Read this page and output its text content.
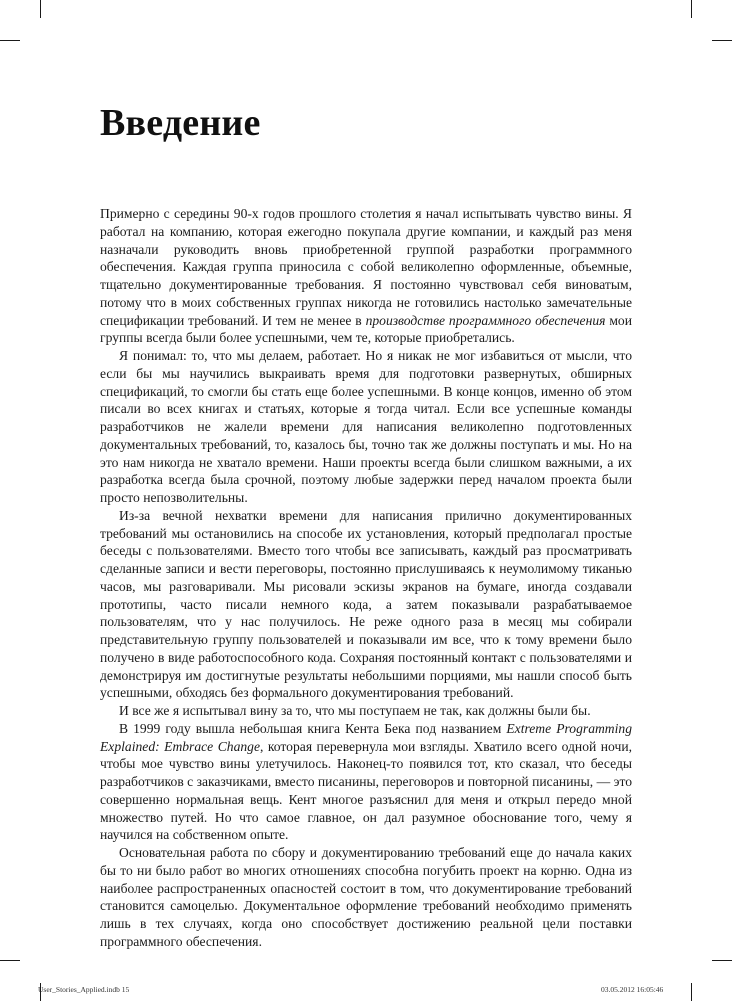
Введение

Примерно с середины 90-х годов прошлого столетия я начал испытывать чувство вины. Я работал на компанию, которая ежегодно покупала другие компании, и каждый раз меня назначали руководить вновь приобретенной группой разработки программного обеспечения. Каждая группа приносила с собой великолепно оформленные, объемные, тщательно документированные требования. Я постоянно чувствовал себя виноватым, потому что в моих собственных группах никогда не готовились настолько замечательные спецификации требований. И тем не менее в производстве программного обеспечения мои группы всегда были более успешными, чем те, которые приобретались.

Я понимал: то, что мы делаем, работает. Но я никак не мог избавиться от мысли, что если бы мы научились выкраивать время для подготовки развернутых, обширных спецификаций, то смогли бы стать еще более успешными. В конце концов, именно об этом писали во всех книгах и статьях, которые я тогда читал. Если все успешные команды разработчиков не жалели времени для написания великолепно подготовленных документальных требований, то, казалось бы, точно так же должны поступать и мы. Но на это нам никогда не хватало времени. Наши проекты всегда были слишком важными, а их разработка всегда была срочной, поэтому любые задержки перед началом проекта были просто непозволительны.

Из-за вечной нехватки времени для написания прилично документированных требований мы остановились на способе их установления, который предполагал простые беседы с пользователями. Вместо того чтобы все записывать, каждый раз просматривать сделанные записи и вести переговоры, постоянно прислушиваясь к неумолимому тиканью часов, мы разговаривали. Мы рисовали эскизы экранов на бумаге, иногда создавали прототипы, часто писали немного кода, а затем показывали разрабатываемое пользователям, что у нас получилось. Не реже одного раза в месяц мы собирали представительную группу пользователей и показывали им все, что к тому времени было получено в виде работоспособного кода. Сохраняя постоянный контакт с пользователями и демонстрируя им достигнутые результаты небольшими порциями, мы нашли способ быть успешными, обходясь без формального документирования требований.

И все же я испытывал вину за то, что мы поступаем не так, как должны были бы.

В 1999 году вышла небольшая книга Кента Бека под названием Extreme Programming Explained: Embrace Change, которая перевернула мои взгляды. Хватило всего одной ночи, чтобы мое чувство вины улетучилось. Наконец-то появился тот, кто сказал, что беседы разработчиков с заказчиками, вместо писанины, переговоров и повторной писанины, — это совершенно нормальная вещь. Кент многое разъяснил для меня и открыл передо мной множество путей. Но что самое главное, он дал разумное обоснование того, чему я научился на собственном опыте.

Основательная работа по сбору и документированию требований еще до начала каких бы то ни было работ во многих отношениях способна погубить проект на корню. Одна из наиболее распространенных опасностей состоит в том, что документирование требований становится самоцелью. Документальное оформление требований необходимо применять лишь в тех случаях, когда оно способствует достижению реальной цели поставки программного обеспечения.

User_Stories_Applied.indb 15	03.05.2012 16:05:46
